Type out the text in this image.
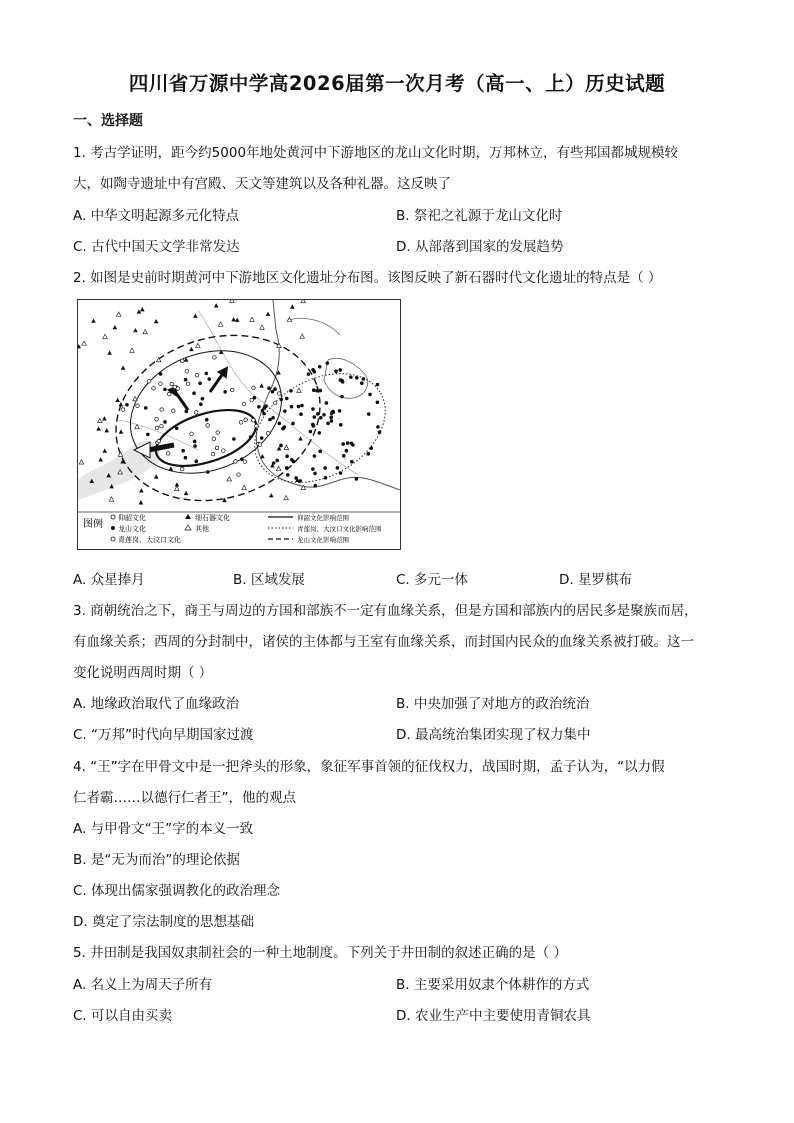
四川省万源中学高2026届第一次月考（高一、上）历史试题
一、选择题
1. 考古学证明，距今约5000年地处黄河中下游地区的龙山文化时期，万邦林立，有些邦国都城规模较
大，如陶寺遗址中有宫殿、天文等建筑以及各种礼器。这反映了
A. 中华文明起源多元化特点	B. 祭祀之礼源于龙山文化时
C. 古代中国天文学非常发达	D. 从部落到国家的发展趋势
2. 如图是史前时期黄河中下游地区文化遗址分布图。该图反映了新石器时代文化遗址的特点是（ ）
图例
仰韶文化
龙山文化
青莲岗、大汶口文化
细石器文化
其他
仰韶文化影响范围
青莲岗、大汶口文化影响范围
龙山文化影响范围
A. 众星捧月	B. 区域发展	C. 多元一体	D. 星罗棋布
3. 商朝统治之下，商王与周边的方国和部族不一定有血缘关系，但是方国和部族内的居民多是聚族而居，
有血缘关系；西周的分封制中，诸侯的主体都与王室有血缘关系，而封国内民众的血缘关系被打破。这一
变化说明西周时期（ ）
A. 地缘政治取代了血缘政治	B. 中央加强了对地方的政治统治
C. “万邦”时代向早期国家过渡	D. 最高统治集团实现了权力集中
4. “王”字在甲骨文中是一把斧头的形象，象征军事首领的征伐权力，战国时期，孟子认为，“以力假
仁者霸……以德行仁者王”，他的观点
A. 与甲骨文“王”字的本义一致
B. 是“无为而治”的理论依据
C. 体现出儒家强调教化的政治理念
D. 奠定了宗法制度的思想基础
5. 井田制是我国奴隶制社会的一种土地制度。下列关于井田制的叙述正确的是（ ）
A. 名义上为周天子所有	B. 主要采用奴隶个体耕作的方式
C. 可以自由买卖	D. 农业生产中主要使用青铜农具
